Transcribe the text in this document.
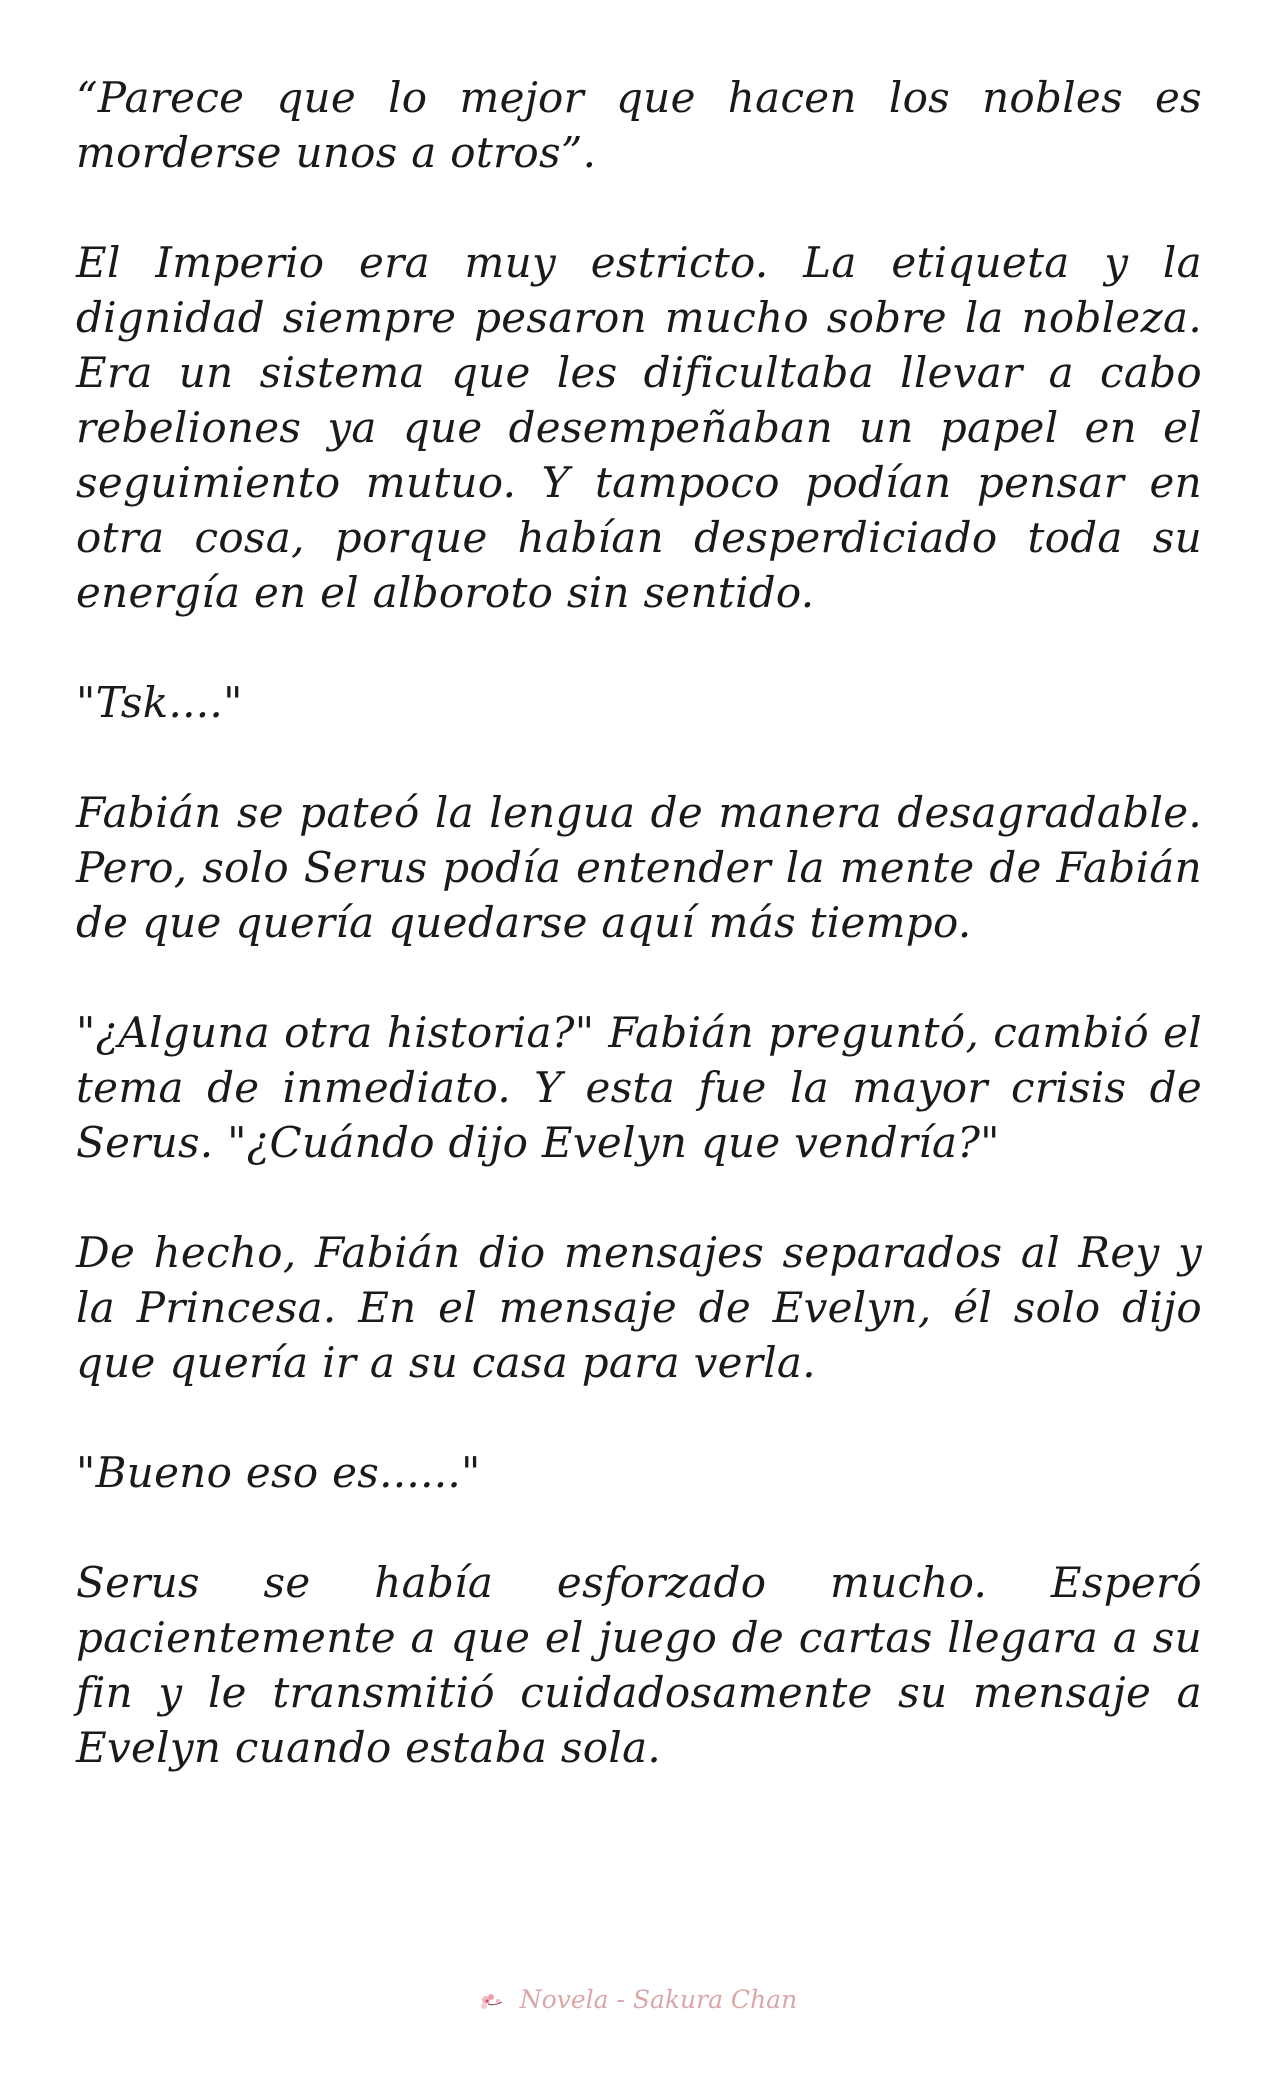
“Parece que lo mejor que hacen los nobles es morderse unos a otros”.

El Imperio era muy estricto. La etiqueta y la dignidad siempre pesaron mucho sobre la nobleza. Era un sistema que les dificultaba llevar a cabo rebeliones ya que desempeñaban un papel en el seguimiento mutuo. Y tampoco podían pensar en otra cosa, porque habían desperdiciado toda su energía en el alboroto sin sentido.

"Tsk...."

Fabián se pateó la lengua de manera desagradable. Pero, solo Serus podía entender la mente de Fabián de que quería quedarse aquí más tiempo.

"¿Alguna otra historia?" Fabián preguntó, cambió el tema de inmediato. Y esta fue la mayor crisis de Serus. "¿Cuándo dijo Evelyn que vendría?"

De hecho, Fabián dio mensajes separados al Rey y la Princesa. En el mensaje de Evelyn, él solo dijo que quería ir a su casa para verla.

"Bueno eso es......"

Serus se había esforzado mucho. Esperó pacientemente a que el juego de cartas llegara a su fin y le transmitió cuidadosamente su mensaje a Evelyn cuando estaba sola.

Novela - Sakura Chan
